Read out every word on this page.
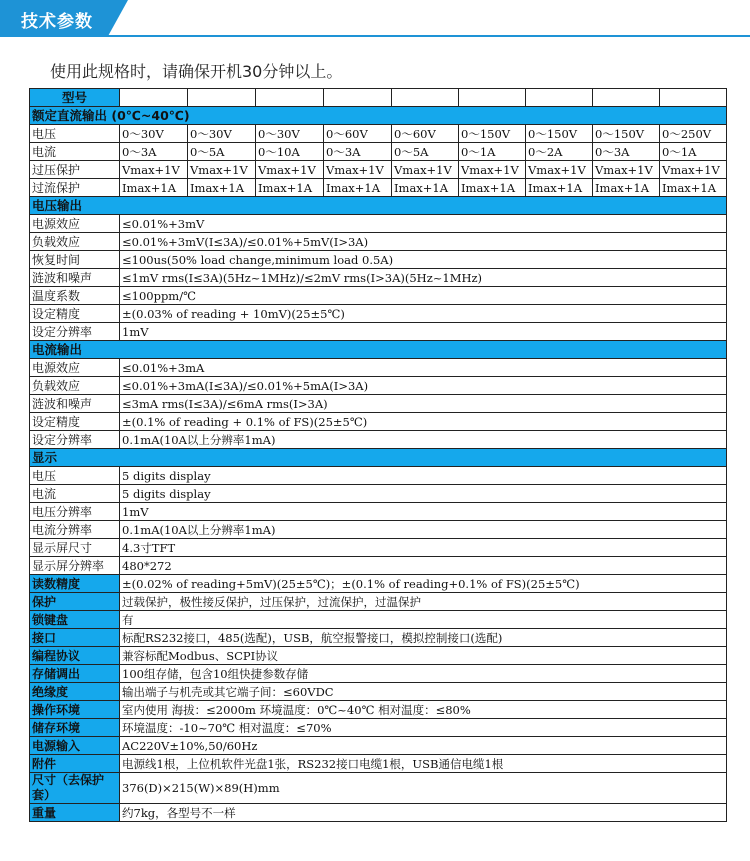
技术参数
使用此规格时，请确保开机30分钟以上。
型号									
额定直流输出 (0℃~40℃)									
电压	0～30V	0～30V	0～30V	0～60V	0～60V	0～150V	0～150V	0～150V	0～250V
电流	0～3A	0～5A	0～10A	0～3A	0～5A	0～1A	0～2A	0～3A	0～1A
过压保护	Vmax+1V	Vmax+1V	Vmax+1V	Vmax+1V	Vmax+1V	Vmax+1V	Vmax+1V	Vmax+1V	Vmax+1V
过流保护	Imax+1A	Imax+1A	Imax+1A	Imax+1A	Imax+1A	Imax+1A	Imax+1A	Imax+1A	Imax+1A
电压输出									
电源效应	≤0.01%+3mV								
负载效应	≤0.01%+3mV(I≤3A)/≤0.01%+5mV(I>3A)								
恢复时间	≤100us(50% load change,minimum load 0.5A)								
涟波和噪声	≤1mV rms(I≤3A)(5Hz~1MHz)/≤2mV rms(I>3A)(5Hz~1MHz)								
温度系数	≤100ppm/℃								
设定精度	±(0.03% of reading + 10mV)(25±5℃)								
设定分辨率	1mV								
电流输出									
电源效应	≤0.01%+3mA								
负载效应	≤0.01%+3mA(I≤3A)/≤0.01%+5mA(I>3A)								
涟波和噪声	≤3mA rms(I≤3A)/≤6mA rms(I>3A)								
设定精度	±(0.1% of reading + 0.1% of FS)(25±5℃)								
设定分辨率	0.1mA(10A以上分辨率1mA)								
显示									
电压	5 digits display								
电流	5 digits display								
电压分辨率	1mV								
电流分辨率	0.1mA(10A以上分辨率1mA)								
显示屏尺寸	4.3寸TFT								
显示屏分辨率	480*272								
读数精度	±(0.02% of reading+5mV)(25±5℃)；±(0.1% of reading+0.1% of FS)(25±5℃)								
保护	过载保护，极性接反保护，过压保护，过流保护，过温保护								
锁键盘	有								
接口	标配RS232接口，485(选配)，USB，航空报警接口，模拟控制接口(选配)								
编程协议	兼容标配Modbus、SCPI协议								
存储调出	100组存储，包含10组快捷参数存储								
绝缘度	输出端子与机壳或其它端子间：≤60VDC								
操作环境	室内使用 海拔：≤2000m 环境温度：0℃~40℃ 相对温度：≤80%								
储存环境	环境温度：-10~70℃ 相对温度：≤70%								
电源输入	AC220V±10%,50/60Hz								
附件	电源线1根，上位机软件光盘1张，RS232接口电缆1根，USB通信电缆1根								
尺寸（去保护套）	376(D)×215(W)×89(H)mm								
重量	约7kg，各型号不一样								
